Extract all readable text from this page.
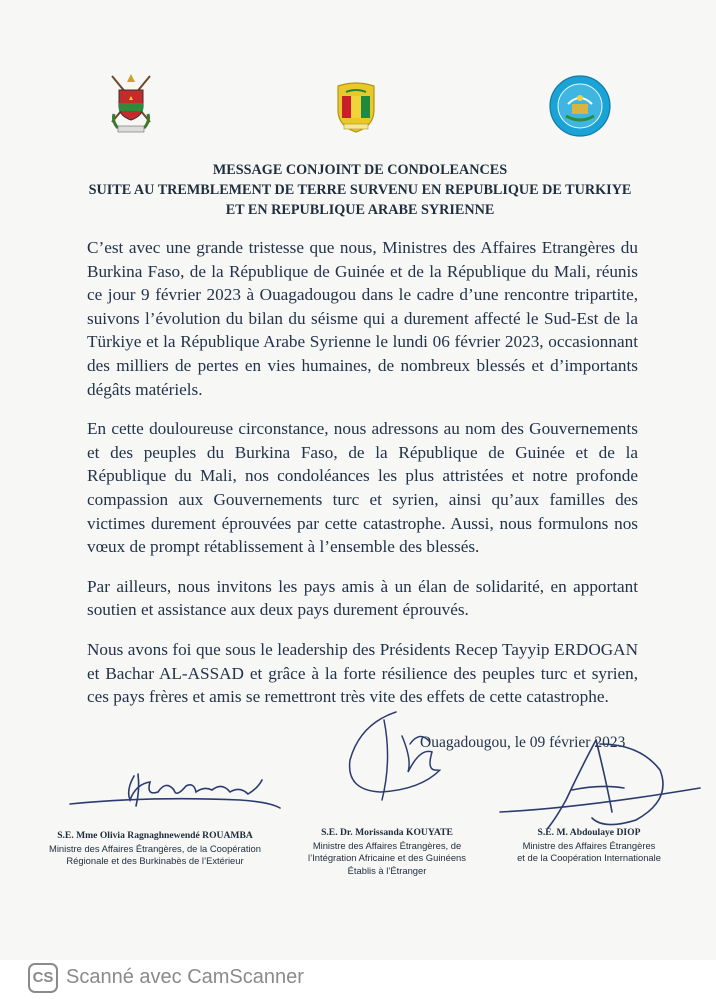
MESSAGE CONJOINT DE CONDOLEANCES
SUITE AU TREMBLEMENT DE TERRE SURVENU EN REPUBLIQUE DE TURKIYE
ET EN REPUBLIQUE ARABE SYRIENNE

C’est avec une grande tristesse que nous, Ministres des Affaires Etrangères du Burkina Faso, de la République de Guinée et de la République du Mali, réunis ce jour 9 février 2023 à Ouagadougou dans le cadre d’une rencontre tripartite, suivons l’évolution du bilan du séisme qui a durement affecté le Sud-Est de la Türkiye et la République Arabe Syrienne le lundi 06 février 2023, occasionnant des milliers de pertes en vies humaines, de nombreux blessés et d’importants dégâts matériels.

En cette douloureuse circonstance, nous adressons au nom des Gouvernements et des peuples du Burkina Faso, de la République de Guinée et de la République du Mali, nos condoléances les plus attristées et notre profonde compassion aux Gouvernements turc et syrien, ainsi qu’aux familles des victimes durement éprouvées par cette catastrophe. Aussi, nous formulons nos vœux de prompt rétablissement à l’ensemble des blessés.

Par ailleurs, nous invitons les pays amis à un élan de solidarité, en apportant soutien et assistance aux deux pays durement éprouvés.

Nous avons foi que sous le leadership des Présidents Recep Tayyip ERDOGAN et Bachar AL-ASSAD et grâce à la forte résilience des peuples turc et syrien, ces pays frères et amis se remettront très vite des effets de cette catastrophe.

Ouagadougou, le 09 février 2023
S.E. Mme Olivia Ragnaghnewendé ROUAMBA
Ministre des Affaires Étrangères, de la Coopération
Régionale et des Burkinabès de l’Extérieur
S.E. Dr. Morissanda KOUYATE
Ministre des Affaires Étrangères, de
l’Intégration Africaine et des Guinéens
Établis à l’Étranger
S.E. M. Abdoulaye DIOP
Ministre des Affaires Étrangères
et de la Coopération Internationale
CS Scanné avec CamScanner
